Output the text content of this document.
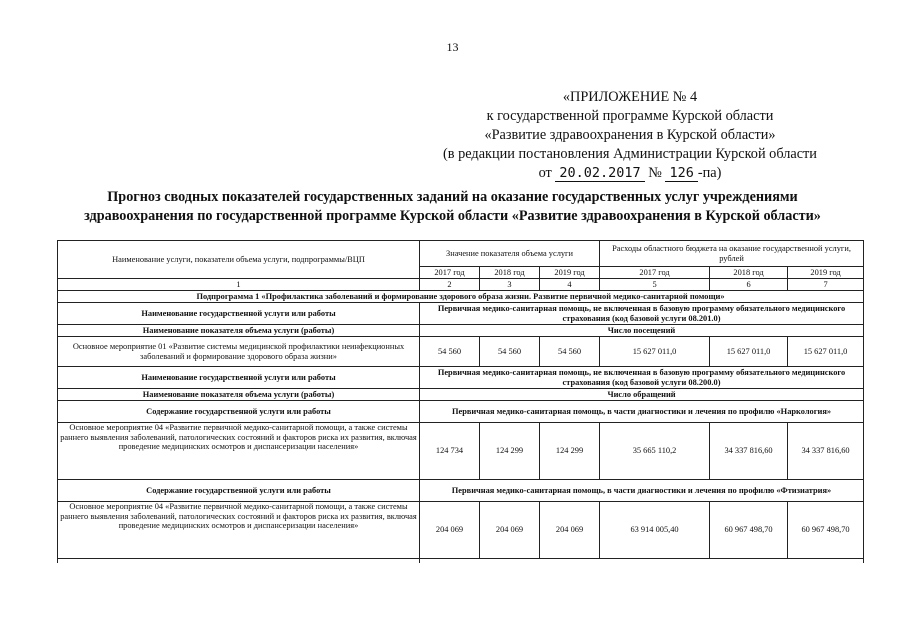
13
«ПРИЛОЖЕНИЕ № 4
к государственной программе Курской области
«Развитие здравоохранения в Курской области»
(в редакции постановления Администрации Курской области
от 20.02.2017 № 126 -па)
Прогноз сводных показателей государственных заданий на оказание государственных услуг учреждениями
здравоохранения по государственной программе Курской области «Развитие здравоохранения в Курской области»
Наименование услуги, показатели объема услуги, подпрограммы/ВЦП	Значение показателя объема услуги			Расходы областного бюджета на оказание государственной услуги, рублей		
	2017 год	2018 год	2019 год	2017 год	2018 год	2019 год
1	2	3	4	5	6	7
Подпрограмма 1 «Профилактика заболеваний и формирование здорового образа жизни. Развитие первичной медико-санитарной помощи»						
Наименование государственной услуги или работы	Первичная медико-санитарная помощь, не включенная в базовую программу обязательного медицинского страхования (код базовой услуги 08.201.0)					
Наименование показателя объема услуги (работы)	Число посещений					
Основное мероприятие 01 «Развитие системы медицинской профилактики неинфекционных заболеваний и формирование здорового образа жизни»	54 560	54 560	54 560	15 627 011,0	15 627 011,0	15 627 011,0
Наименование государственной услуги или работы	Первичная медико-санитарная помощь, не включенная в базовую программу обязательного медицинского страхования (код базовой услуги 08.200.0)					
Наименование показателя объема услуги (работы)	Число обращений					
Содержание государственной услуги или работы	Первичная медико-санитарная помощь, в части диагностики и лечения по профилю «Наркология»					
Основное мероприятие 04 «Развитие первичной медико-санитарной помощи, а также системы раннего выявления заболеваний, патологических состояний и факторов риска их развития, включая проведение медицинских осмотров и диспансеризации населения»	124 734	124 299	124 299	35 665 110,2	34 337 816,60	34 337 816,60
Содержание государственной услуги или работы	Первичная медико-санитарная помощь, в части диагностики и лечения по профилю «Фтизиатрия»					
Основное мероприятие 04 «Развитие первичной медико-санитарной помощи, а также системы раннего выявления заболеваний, патологических состояний и факторов риска их развития, включая проведение медицинских осмотров и диспансеризации населения»	204 069	204 069	204 069	63 914 005,40	60 967 498,70	60 967 498,70
